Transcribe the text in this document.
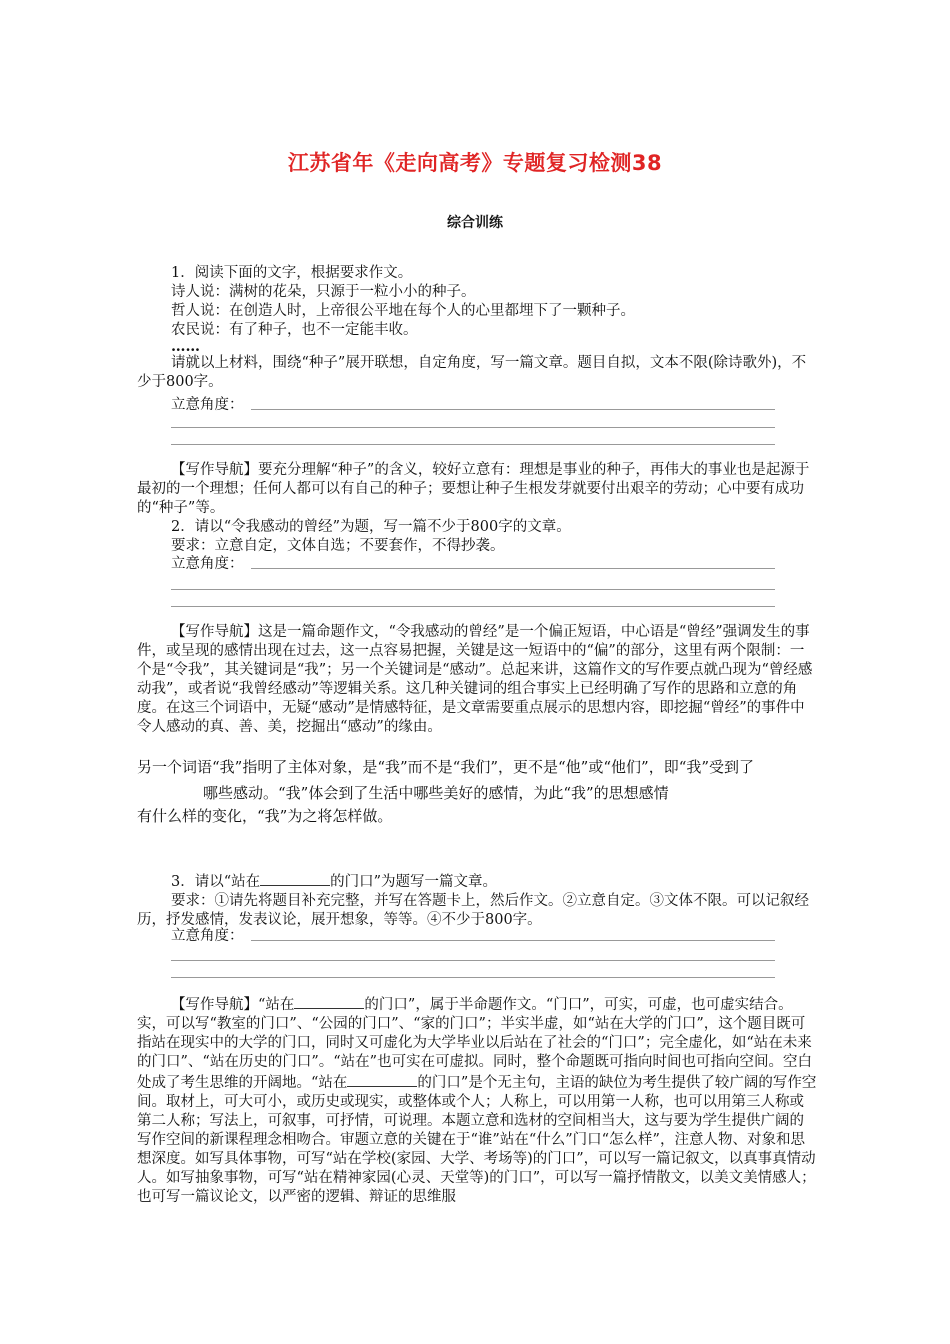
江苏省年《走向高考》专题复习检测38
综合训练

1．阅读下面的文字，根据要求作文。

诗人说：满树的花朵，只源于一粒小小的种子。

哲人说：在创造人时，上帝很公平地在每个人的心里都埋下了一颗种子。

农民说：有了种子，也不一定能丰收。

……

请就以上材料，围绕“种子”展开联想，自定角度，写一篇文章。题目自拟，文本不限(除诗歌外)，不少于800字。

立意角度：

【写作导航】要充分理解“种子”的含义，较好立意有：理想是事业的种子，再伟大的事业也是起源于最初的一个理想；任何人都可以有自己的种子；要想让种子生根发芽就要付出艰辛的劳动；心中要有成功的“种子”等。

2．请以“令我感动的曾经”为题，写一篇不少于800字的文章。

要求：立意自定，文体自选；不要套作，不得抄袭。

立意角度：

【写作导航】这是一篇命题作文，“令我感动的曾经”是一个偏正短语，中心语是“曾经”强调发生的事件，或呈现的感情出现在过去，这一点容易把握，关键是这一短语中的“偏”的部分，这里有两个限制：一个是“令我”，其关键词是“我”；另一个关键词是“感动”。总起来讲，这篇作文的写作要点就凸现为“曾经感动我”，或者说“我曾经感动”等逻辑关系。这几种关键词的组合事实上已经明确了写作的思路和立意的角度。在这三个词语中，无疑“感动”是情感特征，是文章需要重点展示的思想内容，即挖掘“曾经”的事件中令人感动的真、善、美，挖掘出“感动”的缘由。

另一个词语“我”指明了主体对象，是“我”而不是“我们”，更不是“他”或“他们”，即“我”受到了
哪些感动。“我”体会到了生活中哪些美好的感情，为此“我”的思想感情
有什么样的变化，“我”为之将怎样做。

3．请以“站在	的门口”为题写一篇文章。

要求：①请先将题目补充完整，并写在答题卡上，然后作文。②立意自定。③文体不限。可以记叙经历，抒发感情，发表议论，展开想象，等等。④不少于800字。

立意角度：

【写作导航】“站在	的门口”，属于半命题作文。“门口”，可实，可虚，也可虚实结合。实，可以写“教室的门口”、“公园的门口”、“家的门口”；半实半虚，如“站在大学的门口”，这个题目既可指站在现实中的大学的门口，同时又可虚化为大学毕业以后站在了社会的“门口”；完全虚化，如“站在未来的门口”、“站在历史的门口”。“站在”也可实在可虚拟。同时，整个命题既可指向时间也可指向空间。空白处成了考生思维的开阔地。“站在	的门口”是个无主句，主语的缺位为考生提供了较广阔的写作空间。取材上，可大可小，或历史或现实，或整体或个人；人称上，可以用第一人称，也可以用第三人称或第二人称；写法上，可叙事，可抒情，可说理。本题立意和选材的空间相当大，这与要为学生提供广阔的写作空间的新课程理念相吻合。审题立意的关键在于“谁”站在“什么”门口“怎么样”，注意人物、对象和思想深度。如写具体事物，可写“站在学校(家园、大学、考场等)的门口”，可以写一篇记叙文，以真事真情动人。如写抽象事物，可写“站在精神家园(心灵、天堂等)的门口”，可以写一篇抒情散文，以美文美情感人；也可写一篇议论文，以严密的逻辑、辩证的思维服
